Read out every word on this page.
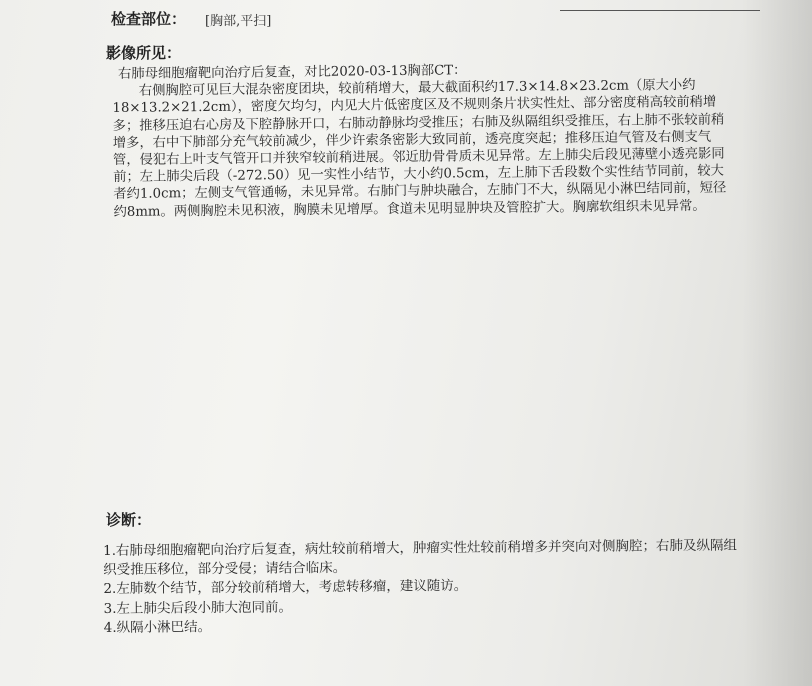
检查部位： [胸部,平扫]
影像所见：

右肺母细胞瘤靶向治疗后复查，对比2020-03-13胸部CT：

右侧胸腔可见巨大混杂密度团块，较前稍增大，最大截面积约17.3×14.8×23.2cm（原大小约18×13.2×21.2cm），密度欠均匀，内见大片低密度区及不规则条片状实性灶、部分密度稍高较前稍增多；推移压迫右心房及下腔静脉开口，右肺动静脉均受推压；右肺及纵隔组织受推压，右上肺不张较前稍增多，右中下肺部分充气较前减少，伴少许索条密影大致同前，透亮度突起；推移压迫气管及右侧支气管，侵犯右上叶支气管开口并狭窄较前稍进展。邻近肋骨骨质未见异常。左上肺尖后段见薄壁小透亮影同前；左上肺尖后段（-272.50）见一实性小结节，大小约0.5cm，左上肺下舌段数个实性结节同前，较大者约1.0cm；左侧支气管通畅，未见异常。右肺门与肿块融合，左肺门不大，纵隔见小淋巴结同前，短径约8mm。两侧胸腔未见积液，胸膜未见增厚。食道未见明显肿块及管腔扩大。胸廓软组织未见异常。

诊断：

1.右肺母细胞瘤靶向治疗后复查，病灶较前稍增大，肿瘤实性灶较前稍增多并突向对侧胸腔；右肺及纵隔组织受推压移位，部分受侵；请结合临床。

2.左肺数个结节，部分较前稍增大，考虑转移瘤，建议随访。

3.左上肺尖后段小肺大泡同前。

4.纵隔小淋巴结。
